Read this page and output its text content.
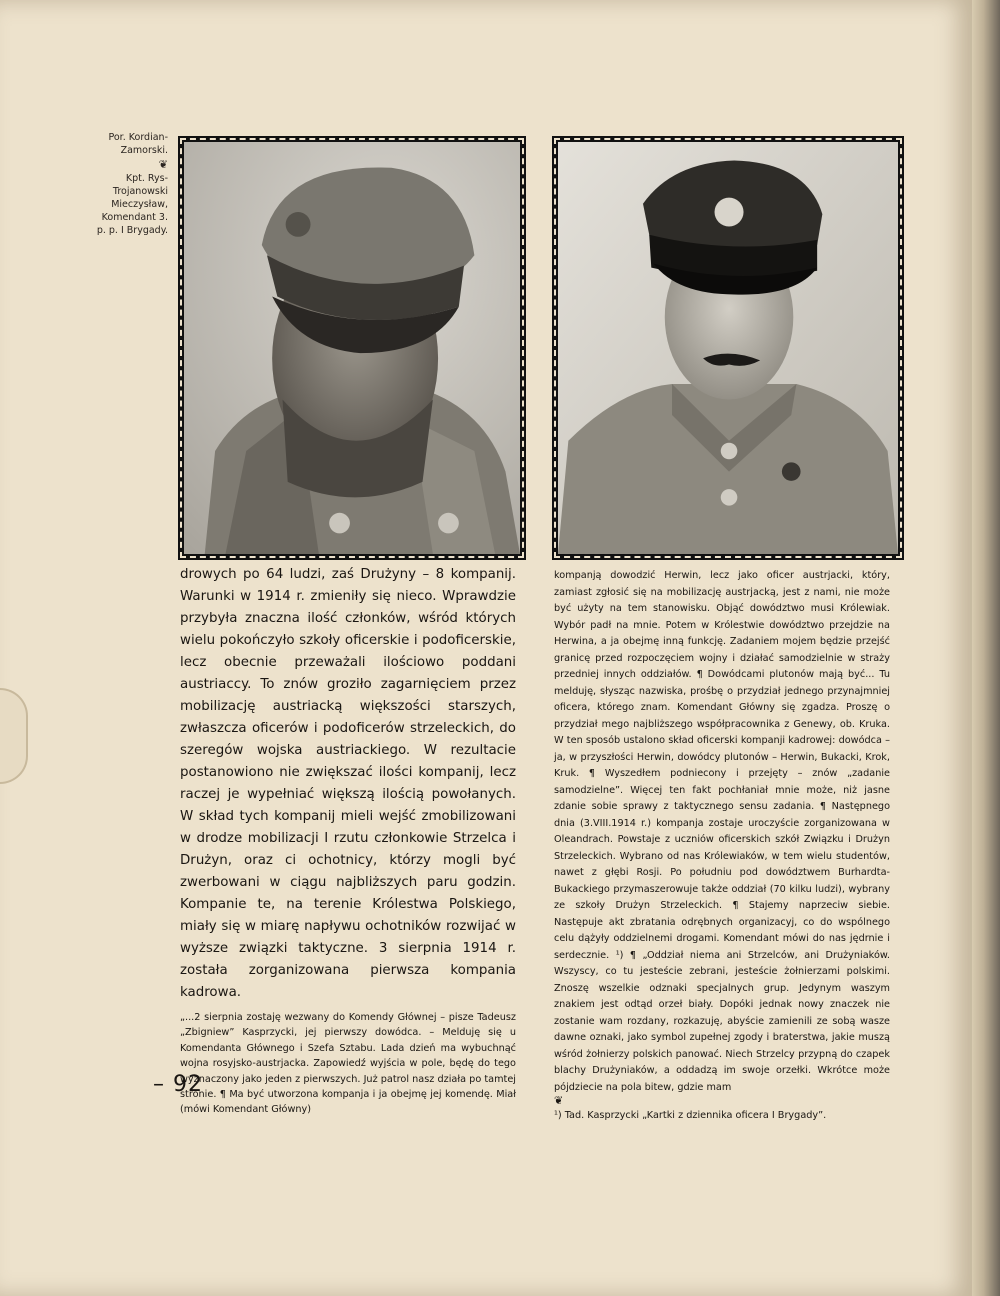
Por. Kordian-Zamorski.
❦
Kpt. Rys-Trojanowski Mieczysław, Komendant 3. p. p. I Brygady.

drowych po 64 ludzi, zaś Drużyny – 8 kompanij. Warunki w 1914 r. zmieniły się nieco. Wprawdzie przybyła znaczna ilość członków, wśród których wielu pokończyło szkoły oficerskie i podoficerskie, lecz obecnie przeważali ilościowo poddani austriaccy. To znów groziło zagarnięciem przez mobilizację austriacką większości starszych, zwłaszcza oficerów i podoficerów strzeleckich, do szeregów wojska austriackiego. W rezultacie postanowiono nie zwiększać ilości kompanij, lecz raczej je wypełniać większą ilością powołanych. W skład tych kompanij mieli wejść zmobilizowani w drodze mobilizacji I rzutu członkowie Strzelca i Drużyn, oraz ci ochotnicy, którzy mogli być zwerbowani w ciągu najbliższych paru godzin. Kompanie te, na terenie Królestwa Polskiego, miały się w miarę napływu ochotników rozwijać w wyższe związki taktyczne. 3 sierpnia 1914 r. została zorganizowana pierwsza kompania kadrowa.

„...2 sierpnia zostaję wezwany do Komendy Głównej – pisze Tadeusz „Zbigniew” Kasprzycki, jej pierwszy dowódca. – Melduję się u Komendanta Głównego i Szefa Sztabu. Lada dzień ma wybuchnąć wojna rosyjsko-austrjacka. Zapowiedź wyjścia w pole, będę do tego wyznaczony jako jeden z pierwszych. Już patrol nasz działa po tamtej stronie. ¶ Ma być utworzona kompanja i ja obejmę jej komendę. Miał (mówi Komendant Główny)

kompanją dowodzić Herwin, lecz jako oficer austrjacki, który, zamiast zgłosić się na mobilizację austrjacką, jest z nami, nie może być użyty na tem stanowisku. Objąć dowództwo musi Królewiak. Wybór padł na mnie. Potem w Królestwie dowództwo przejdzie na Herwina, a ja obejmę inną funkcję. Zadaniem mojem będzie przejść granicę przed rozpoczęciem wojny i działać samodzielnie w straży przedniej innych oddziałów. ¶ Dowódcami plutonów mają być... Tu melduję, słysząc nazwiska, prośbę o przydział jednego przynajmniej oficera, którego znam. Komendant Główny się zgadza. Proszę o przydział mego najbliższego współpracownika z Genewy, ob. Kruka. W ten sposób ustalono skład oficerski kompanji kadrowej: dowódca – ja, w przyszłości Herwin, dowódcy plutonów – Herwin, Bukacki, Krok, Kruk. ¶ Wyszedłem podniecony i przejęty – znów „zadanie samodzielne”. Więcej ten fakt pochłaniał mnie może, niż jasne zdanie sobie sprawy z taktycznego sensu zadania. ¶ Następnego dnia (3.VIII.1914 r.) kompanja zostaje uroczyście zorganizowana w Oleandrach. Powstaje z uczniów oficerskich szkół Związku i Drużyn Strzeleckich. Wybrano od nas Królewiaków, w tem wielu studentów, nawet z głębi Rosji. Po południu pod dowództwem Burhardta-Bukackiego przymaszerowuje także oddział (70 kilku ludzi), wybrany ze szkoły Drużyn Strzeleckich. ¶ Stajemy naprzeciw siebie. Następuje akt zbratania odrębnych organizacyj, co do wspólnego celu dążyły oddzielnemi drogami. Komendant mówi do nas jędrnie i serdecznie. ¹) ¶ „Oddział niema ani Strzelców, ani Drużyniaków. Wszyscy, co tu jesteście zebrani, jesteście żołnierzami polskimi. Znoszę wszelkie odznaki specjalnych grup. Jedynym waszym znakiem jest odtąd orzeł biały. Dopóki jednak nowy znaczek nie zostanie wam rozdany, rozkazuję, abyście zamienili ze sobą wasze dawne oznaki, jako symbol zupełnej zgody i braterstwa, jakie muszą wśród żołnierzy polskich panować. Niech Strzelcy przypną do czapek blachy Drużyniaków, a oddadzą im swoje orzełki. Wkrótce może pójdziecie na pola bitew, gdzie mam

❦

¹) Tad. Kasprzycki „Kartki z dziennika oficera I Brygady”.

– 92
